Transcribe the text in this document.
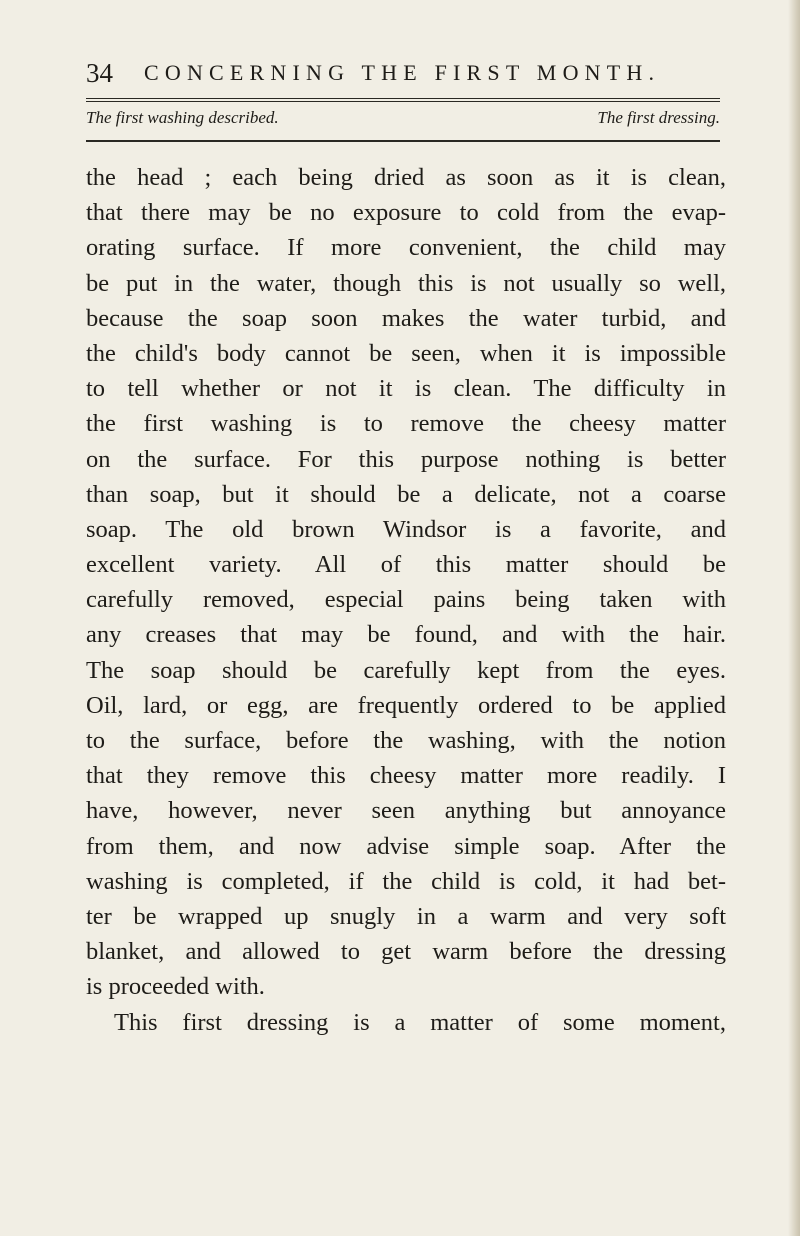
34 CONCERNING THE FIRST MONTH.
The first washing described.	The first dressing.
the head ; each being dried as soon as it is clean,
that there may be no exposure to cold from the evap-
orating surface. If more convenient, the child may
be put in the water, though this is not usually so well,
because the soap soon makes the water turbid, and
the child's body cannot be seen, when it is impossible
to tell whether or not it is clean. The difficulty in
the first washing is to remove the cheesy matter
on the surface. For this purpose nothing is better
than soap, but it should be a delicate, not a coarse
soap. The old brown Windsor is a favorite, and
excellent variety. All of this matter should be
carefully removed, especial pains being taken with
any creases that may be found, and with the hair.
The soap should be carefully kept from the eyes.
Oil, lard, or egg, are frequently ordered to be applied
to the surface, before the washing, with the notion
that they remove this cheesy matter more readily. I
have, however, never seen anything but annoyance
from them, and now advise simple soap. After the
washing is completed, if the child is cold, it had bet-
ter be wrapped up snugly in a warm and very soft
blanket, and allowed to get warm before the dressing
is proceeded with.
This first dressing is a matter of some moment,
